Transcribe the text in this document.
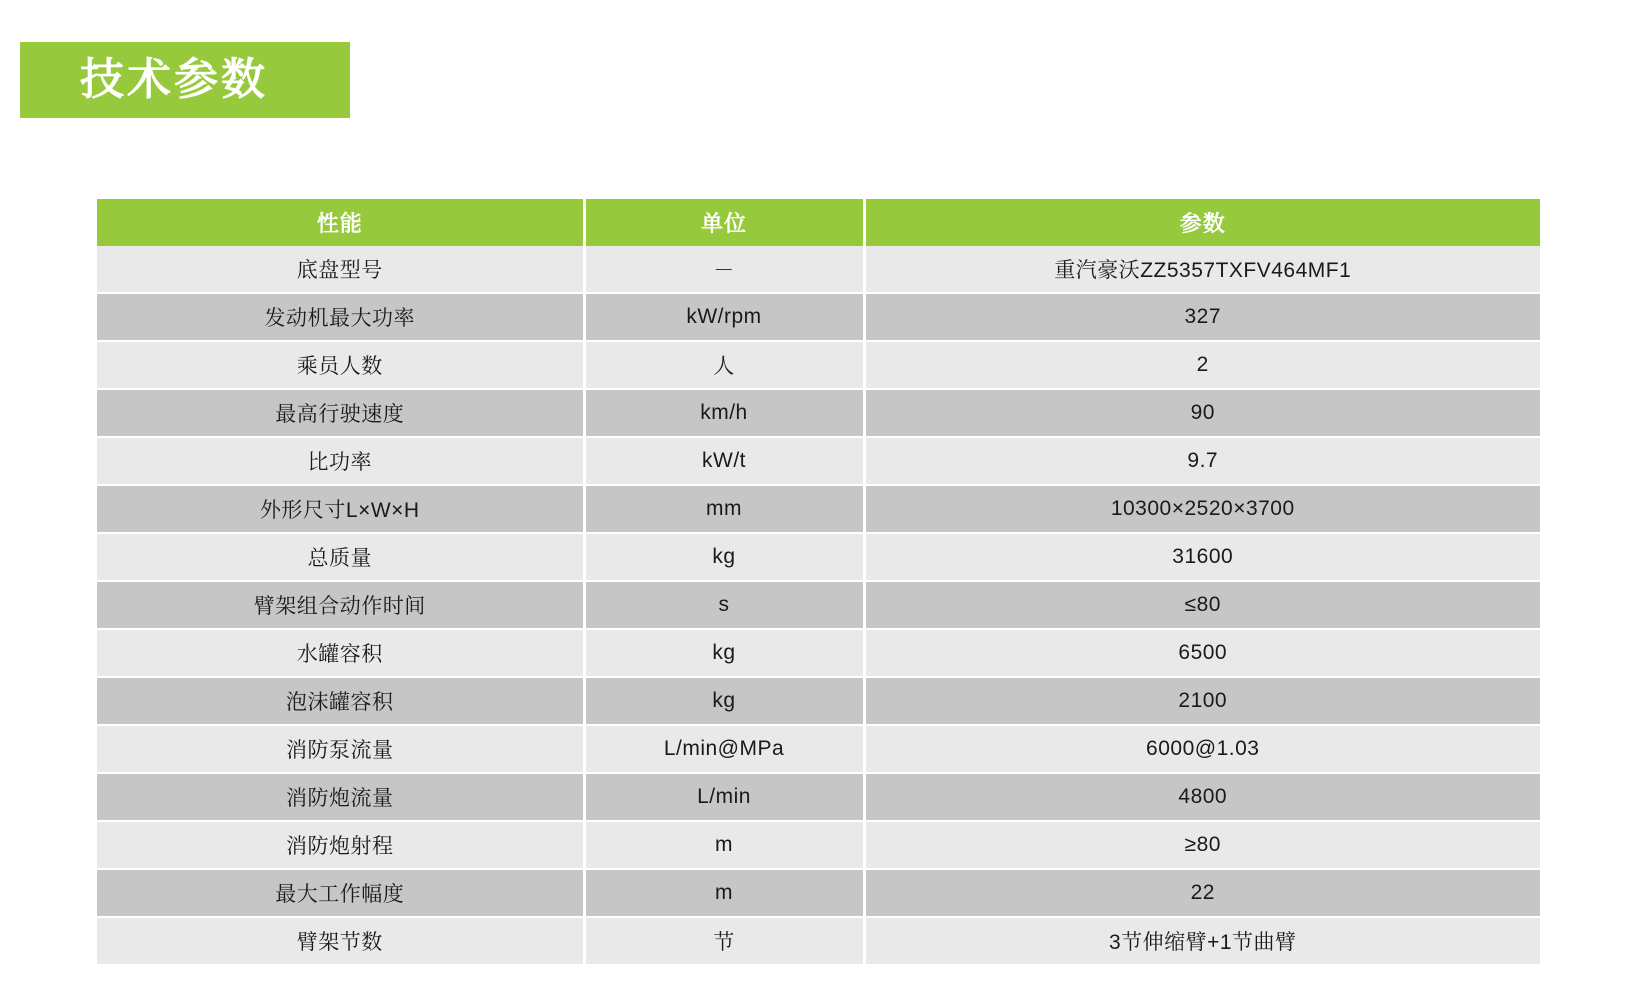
技术参数
性能	单位	参数
底盘型号	－	重汽豪沃ZZ5357TXFV464MF1
发动机最大功率	kW/rpm	327
乘员人数	人	2
最高行驶速度	km/h	90
比功率	kW/t	9.7
外形尺寸L×W×H	mm	10300×2520×3700
总质量	kg	31600
臂架组合动作时间	s	≤80
水罐容积	kg	6500
泡沫罐容积	kg	2100
消防泵流量	L/min@MPa	6000@1.03
消防炮流量	L/min	4800
消防炮射程	m	≥80
最大工作幅度	m	22
臂架节数	节	3节伸缩臂+1节曲臂
